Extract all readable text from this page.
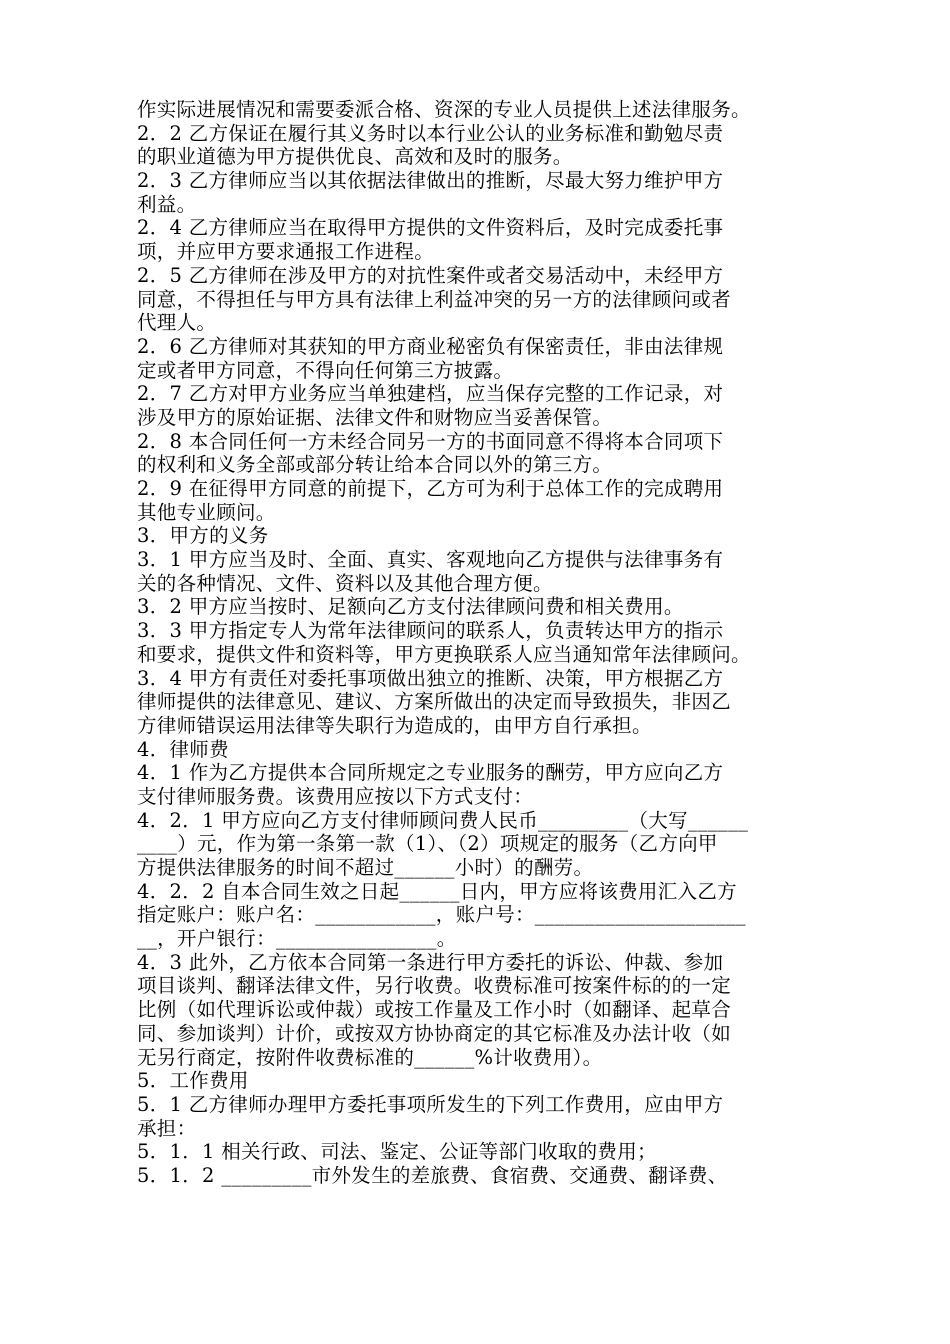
作实际进展情况和需要委派合格、资深的专业人员提供上述法律服务。
2．2 乙方保证在履行其义务时以本行业公认的业务标准和勤勉尽责
的职业道德为甲方提供优良、高效和及时的服务。
2．3 乙方律师应当以其依据法律做出的推断，尽最大努力维护甲方
利益。
2．4 乙方律师应当在取得甲方提供的文件资料后，及时完成委托事
项，并应甲方要求通报工作进程。
2．5 乙方律师在涉及甲方的对抗性案件或者交易活动中，未经甲方
同意，不得担任与甲方具有法律上利益冲突的另一方的法律顾问或者
代理人。
2．6 乙方律师对其获知的甲方商业秘密负有保密责任，非由法律规
定或者甲方同意，不得向任何第三方披露。
2．7 乙方对甲方业务应当单独建档，应当保存完整的工作记录，对
涉及甲方的原始证据、法律文件和财物应当妥善保管。
2．8 本合同任何一方未经合同另一方的书面同意不得将本合同项下
的权利和义务全部或部分转让给本合同以外的第三方。
2．9 在征得甲方同意的前提下，乙方可为利于总体工作的完成聘用
其他专业顾问。
3．甲方的义务
3．1 甲方应当及时、全面、真实、客观地向乙方提供与法律事务有
关的各种情况、文件、资料以及其他合理方便。
3．2 甲方应当按时、足额向乙方支付法律顾问费和相关费用。
3．3 甲方指定专人为常年法律顾问的联系人，负责转达甲方的指示
和要求，提供文件和资料等，甲方更换联系人应当通知常年法律顾问。
3．4 甲方有责任对委托事项做出独立的推断、决策，甲方根据乙方
律师提供的法律意见、建议、方案所做出的决定而导致损失，非因乙
方律师错误运用法律等失职行为造成的，由甲方自行承担。
4．律师费
4．1 作为乙方提供本合同所规定之专业服务的酬劳，甲方应向乙方
支付律师服务费。该费用应按以下方式支付：
4．2．1 甲方应向乙方支付律师顾问费人民币_________（大写______
____）元，作为第一条第一款（1）、（2）项规定的服务（乙方向甲
方提供法律服务的时间不超过______小时）的酬劳。
4．2．2 自本合同生效之日起______日内，甲方应将该费用汇入乙方
指定账户：账户名：____________，账户号：_____________________
__，开户银行：________________。
4．3 此外，乙方依本合同第一条进行甲方委托的诉讼、仲裁、参加
项目谈判、翻译法律文件，另行收费。收费标准可按案件标的的一定
比例（如代理诉讼或仲裁）或按工作量及工作小时（如翻译、起草合
同、参加谈判）计价，或按双方协协商定的其它标准及办法计收（如
无另行商定，按附件收费标准的______%计收费用）。
5．工作费用
5．1 乙方律师办理甲方委托事项所发生的下列工作费用，应由甲方
承担：
5．1．1 相关行政、司法、鉴定、公证等部门收取的费用；
5．1．2 _________市外发生的差旅费、食宿费、交通费、翻译费、
